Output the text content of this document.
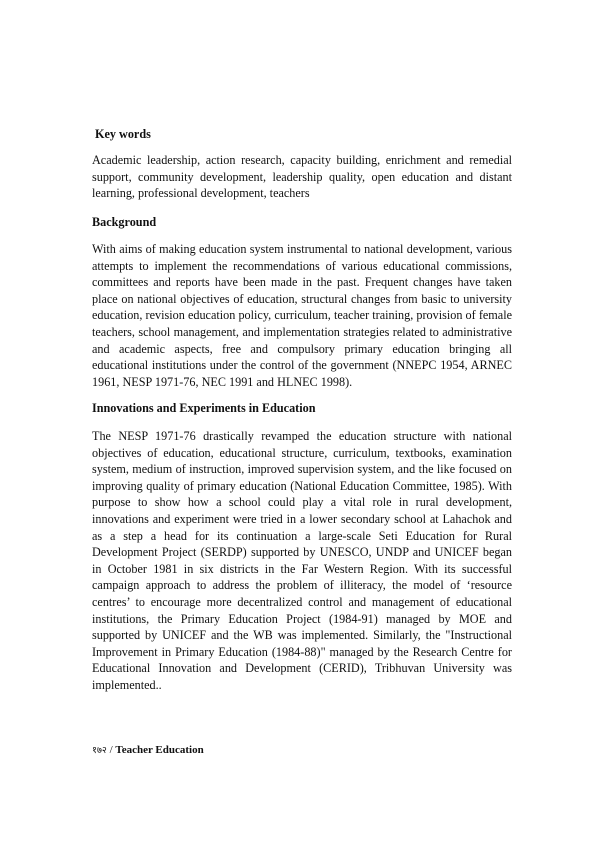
Key words
Academic leadership, action research, capacity building, enrichment and remedial
support, community development, leadership quality, open education and distant
learning, professional development, teachers
Background
With aims of making education system instrumental to national development, various
attempts to implement the recommendations of various educational commissions,
committees and reports have been made in the past. Frequent changes have taken
place on national objectives of education, structural changes from basic to university
education, revision education policy, curriculum, teacher training, provision of female
teachers, school management, and implementation strategies related to administrative
and academic aspects, free and compulsory primary education bringing all
educational institutions under the control of the government (NNEPC 1954, ARNEC
1961, NESP 1971-76, NEC 1991 and HLNEC 1998).
Innovations and Experiments in Education
The NESP 1971-76 drastically revamped the education structure with national
objectives of education, educational structure, curriculum, textbooks, examination
system, medium of instruction, improved supervision system, and the like focused on
improving quality of primary education (National Education Committee, 1985). With
purpose to show how a school could play a vital role in rural development,
innovations and experiment were tried in a lower secondary school at Lahachok and
as a step a head for its continuation a large-scale Seti Education for Rural
Development Project (SERDP) supported by UNESCO, UNDP and UNICEF began
in October 1981 in six districts in the Far Western Region. With its successful
campaign approach to address the problem of illiteracy, the model of ‘resource
centres’ to encourage more decentralized control and management of educational
institutions, the Primary Education Project (1984-91) managed by MOE and
supported by UNICEF and the WB was implemented. Similarly, the "Instructional
Improvement in Primary Education (1984-88)" managed by the Research Centre for
Educational Innovation and Development (CERID), Tribhuvan University was
implemented..
१७२ / Teacher Education
